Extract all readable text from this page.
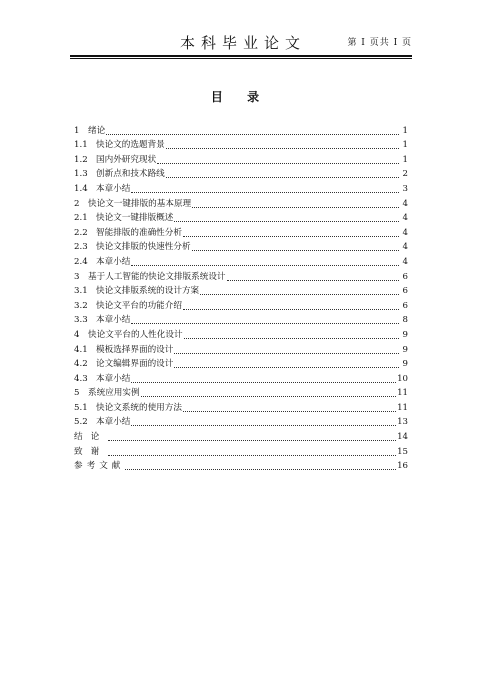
本科毕业论文	第 I 页共 I 页
目 录
1 绪论	1
1.1 快论文的选题背景	1
1.2 国内外研究现状	1
1.3 创新点和技术路线	2
1.4 本章小结	3
2 快论文一键排版的基本原理	4
2.1 快论文一键排版概述	4
2.2 智能排版的准确性分析	4
2.3 快论文排版的快速性分析	4
2.4 本章小结	4
3 基于人工智能的快论文排版系统设计	6
3.1 快论文排版系统的设计方案	6
3.2 快论文平台的功能介绍	6
3.3 本章小结	8
4 快论文平台的人性化设计	9
4.1 模板选择界面的设计	9
4.2 论文编辑界面的设计	9
4.3 本章小结	10
5 系统应用实例	11
5.1 快论文系统的使用方法	11
5.2 本章小结	13
结论	14
致谢	15
参考文献	16
